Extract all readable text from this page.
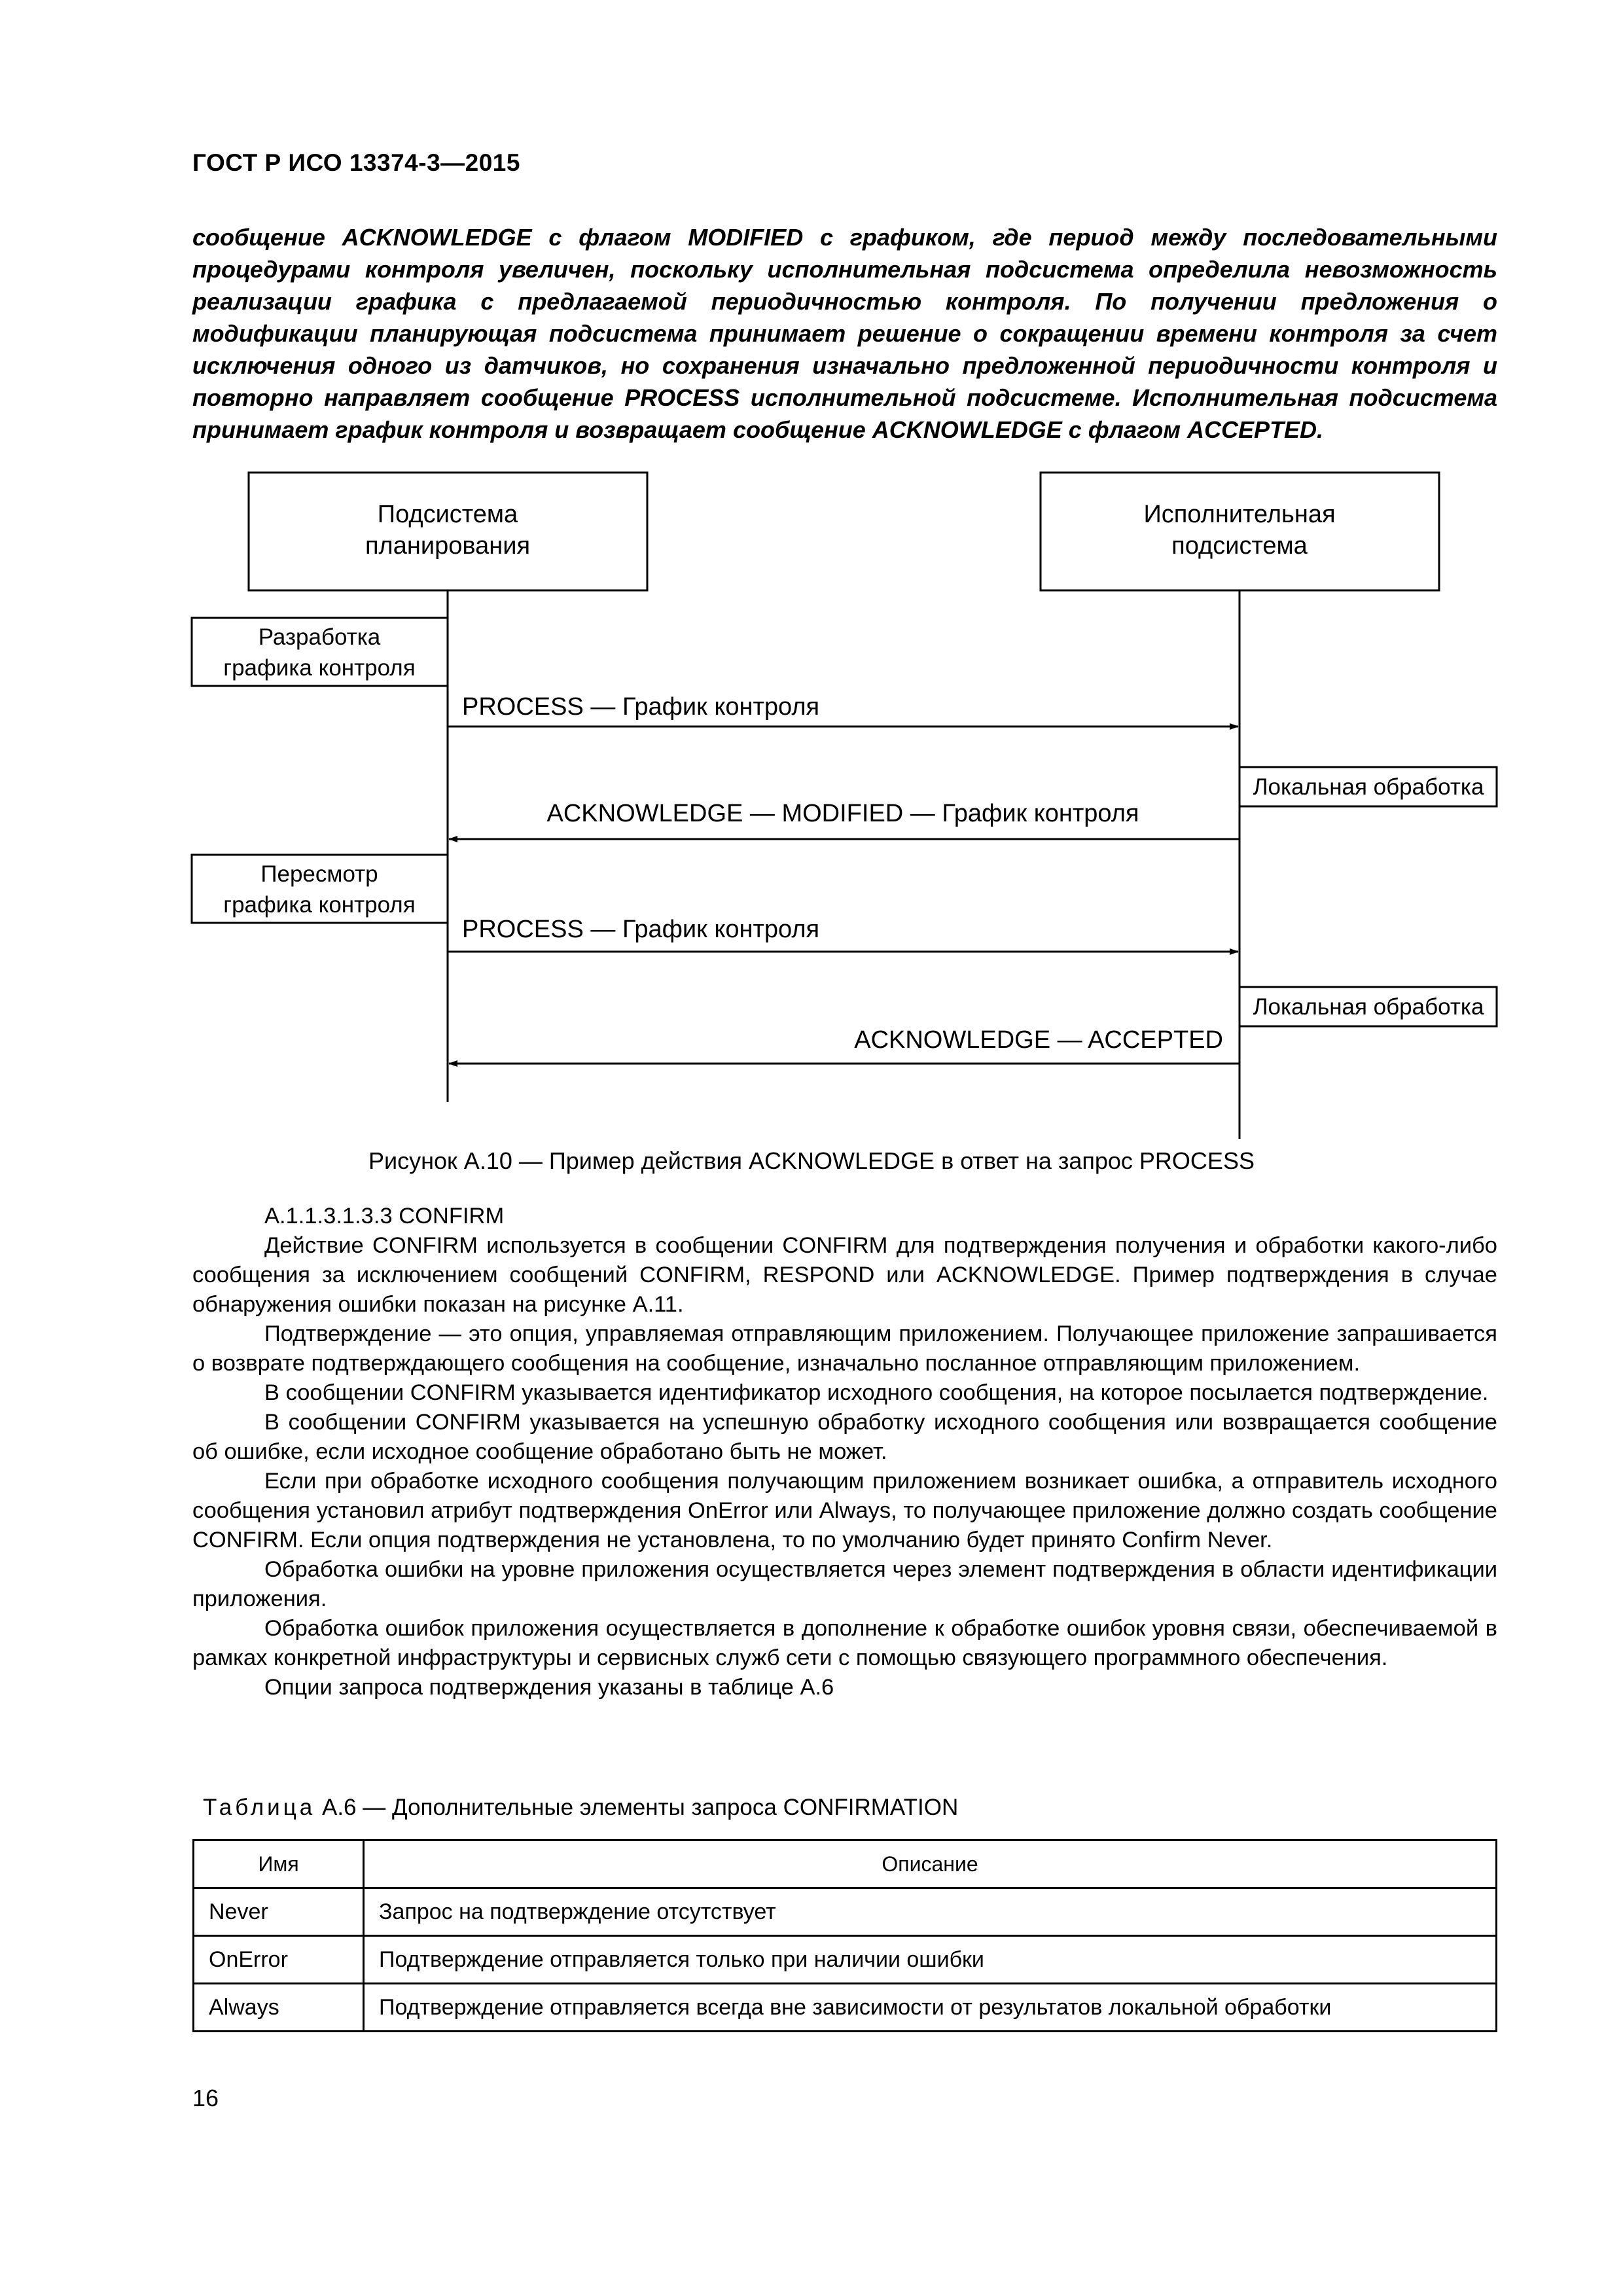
ГОСТ Р ИСО 13374-3—2015

сообщение ACKNOWLEDGE с флагом MODIFIED с графиком, где период между последовательными процедурами контроля увеличен, поскольку исполнительная подсистема определила невозможность реализации графика с предлагаемой периодичностью контроля. По получении предложения о модификации планирующая подсистема принимает решение о сокращении времени контроля за счет исключения одного из датчиков, но сохранения изначально предложенной периодичности контроля и повторно направляет сообщение PROCESS исполнительной подсистеме. Исполнительная подсистема принимает график контроля и возвращает сообщение ACKNOWLEDGE с флагом ACCEPTED.

Подсистема
планирования
Исполнительная
подсистема
Разработка
графика контроля
Пересмотр
графика контроля
Локальная обработка
Локальная обработка
PROCESS — График контроля
ACKNOWLEDGE — MODIFIED — График контроля
PROCESS — График контроля
ACKNOWLEDGE — ACCEPTED
Рисунок А.10 — Пример действия ACKNOWLEDGE в ответ на запрос PROCESS

А.1.1.3.1.3.3 CONFIRM

Действие CONFIRM используется в сообщении CONFIRM для подтверждения получения и обработки какого-либо сообщения за исключением сообщений CONFIRM, RESPOND или ACKNOWLEDGE. Пример подтверждения в случае обнаружения ошибки показан на рисунке А.11.

Подтверждение — это опция, управляемая отправляющим приложением. Получающее приложение запрашивается о возврате подтверждающего сообщения на сообщение, изначально посланное отправляющим приложением.

В сообщении CONFIRM указывается идентификатор исходного сообщения, на которое посылается подтверждение.

В сообщении CONFIRM указывается на успешную обработку исходного сообщения или возвращается сообщение об ошибке, если исходное сообщение обработано быть не может.

Если при обработке исходного сообщения получающим приложением возникает ошибка, а отправитель исходного сообщения установил атрибут подтверждения OnError или Always, то получающее приложение должно создать сообщение CONFIRM. Если опция подтверждения не установлена, то по умолчанию будет принято Confirm Never.

Обработка ошибки на уровне приложения осуществляется через элемент подтверждения в области идентификации приложения.

Обработка ошибок приложения осуществляется в дополнение к обработке ошибок уровня связи, обеспечиваемой в рамках конкретной инфраструктуры и сервисных служб сети с помощью связующего программного обеспечения.

Опции запроса подтверждения указаны в таблице А.6

Таблица А.6 — Дополнительные элементы запроса CONFIRMATION
Имя	Описание
Never	Запрос на подтверждение отсутствует
OnError	Подтверждение отправляется только при наличии ошибки
Always	Подтверждение отправляется всегда вне зависимости от результатов локальной обработки
16
